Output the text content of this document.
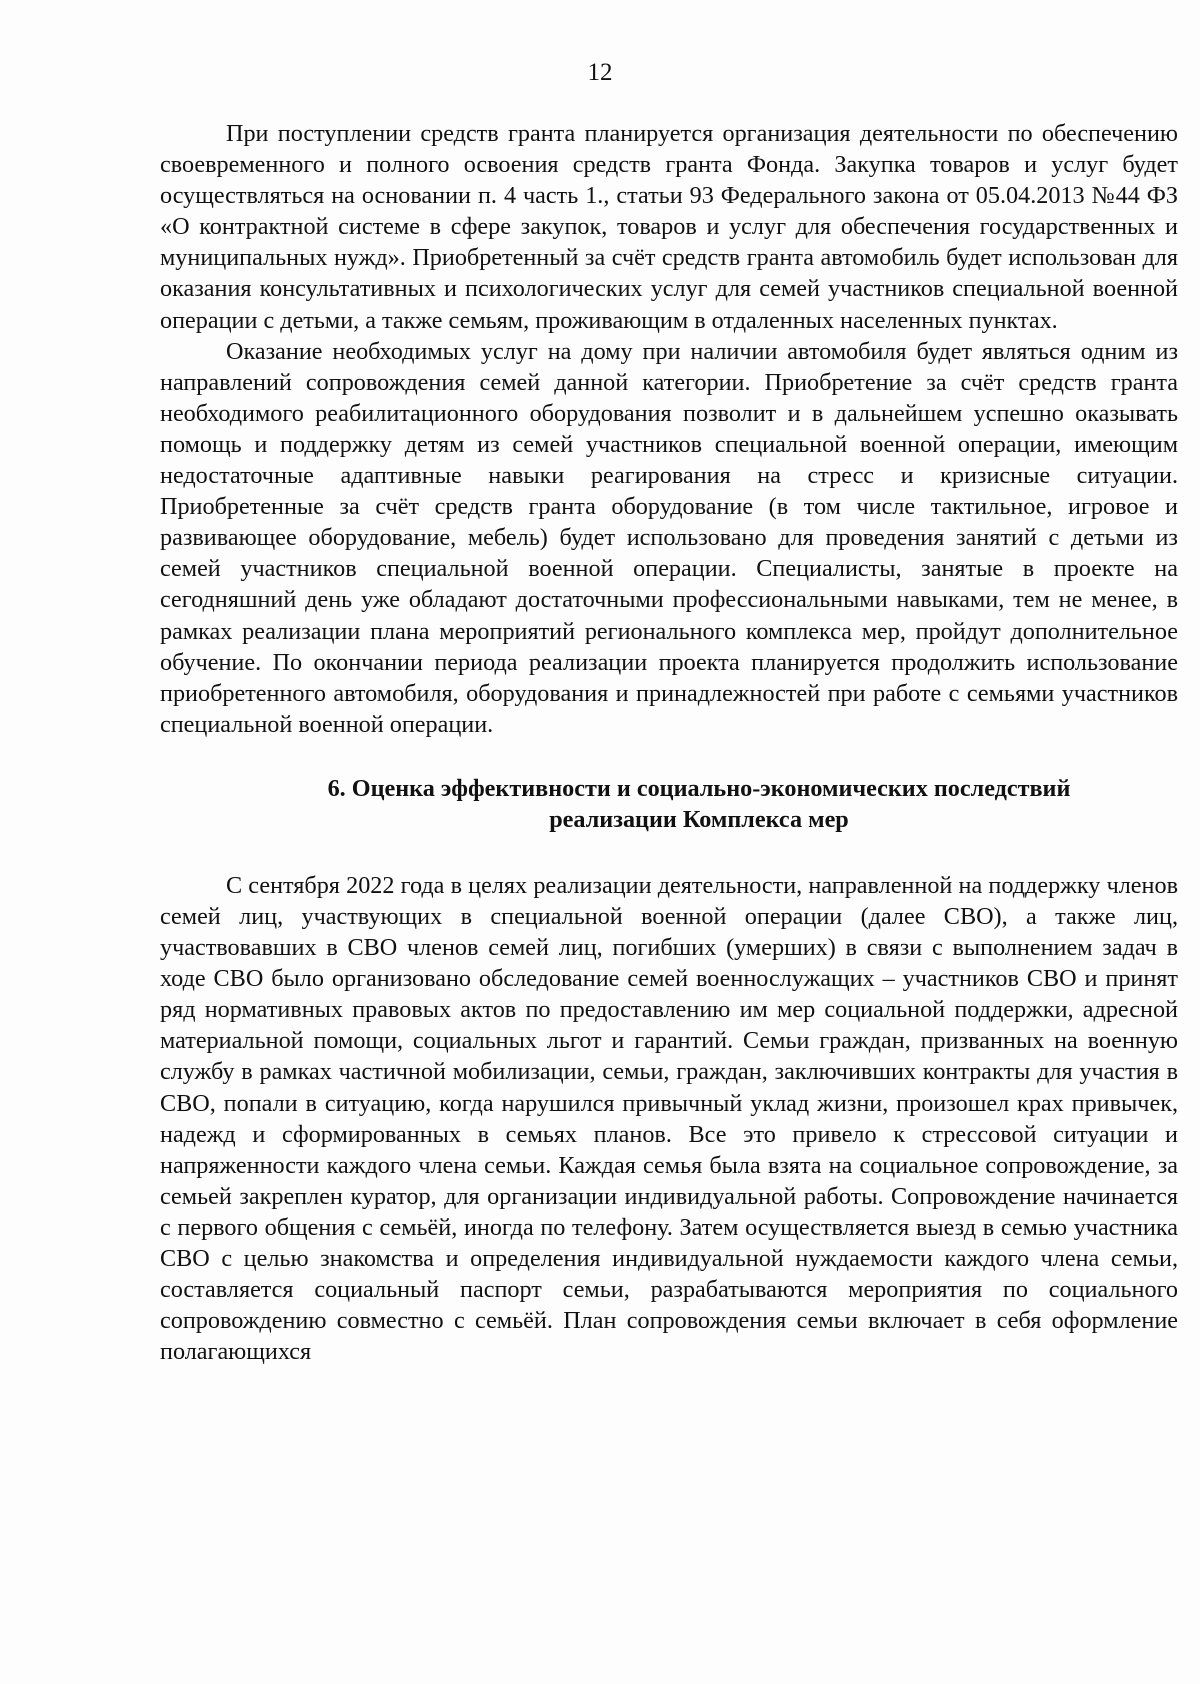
12

При поступлении средств гранта планируется организация деятельности по обеспечению своевременного и полного освоения средств гранта Фонда. Закупка товаров и услуг будет осуществляться на основании п. 4 часть 1., статьи 93 Федерального закона от 05.04.2013 №44 ФЗ «О контрактной системе в сфере закупок, товаров и услуг для обеспечения государственных и муниципальных нужд». Приобретенный за счёт средств гранта автомобиль будет использован для оказания консультативных и психологических услуг для семей участников специальной военной операции с детьми, а также семьям, проживающим в отдаленных населенных пунктах.

Оказание необходимых услуг на дому при наличии автомобиля будет являться одним из направлений сопровождения семей данной категории. Приобретение за счёт средств гранта необходимого реабилитационного оборудования позволит и в дальнейшем успешно оказывать помощь и поддержку детям из семей участников специальной военной операции, имеющим недостаточные адаптивные навыки реагирования на стресс и кризисные ситуации. Приобретенные за счёт средств гранта оборудование (в том числе тактильное, игровое и развивающее оборудование, мебель) будет использовано для проведения занятий с детьми из семей участников специальной военной операции. Специалисты, занятые в проекте на сегодняшний день уже обладают достаточными профессиональными навыками, тем не менее, в рамках реализации плана мероприятий регионального комплекса мер, пройдут дополнительное обучение. По окончании периода реализации проекта планируется продолжить использование приобретенного автомобиля, оборудования и принадлежностей при работе с семьями участников специальной военной операции.

6. Оценка эффективности и социально-экономических последствий
реализации Комплекса мер

С сентября 2022 года в целях реализации деятельности, направленной на поддержку членов семей лиц, участвующих в специальной военной операции (далее СВО), а также лиц, участвовавших в СВО членов семей лиц, погибших (умерших) в связи с выполнением задач в ходе СВО было организовано обследование семей военнослужащих – участников СВО и принят ряд нормативных правовых актов по предоставлению им мер социальной поддержки, адресной материальной помощи, социальных льгот и гарантий. Семьи граждан, призванных на военную службу в рамках частичной мобилизации, семьи, граждан, заключивших контракты для участия в СВО, попали в ситуацию, когда нарушился привычный уклад жизни, произошел крах привычек, надежд и сформированных в семьях планов. Все это привело к стрессовой ситуации и напряженности каждого члена семьи. Каждая семья была взята на социальное сопровождение, за семьей закреплен куратор, для организации индивидуальной работы. Сопровождение начинается с первого общения с семьёй, иногда по телефону. Затем осуществляется выезд в семью участника СВО с целью знакомства и определения индивидуальной нуждаемости каждого члена семьи, составляется социальный паспорт семьи, разрабатываются мероприятия по социального сопровождению совместно с семьёй. План сопровождения семьи включает в себя оформление полагающихся
